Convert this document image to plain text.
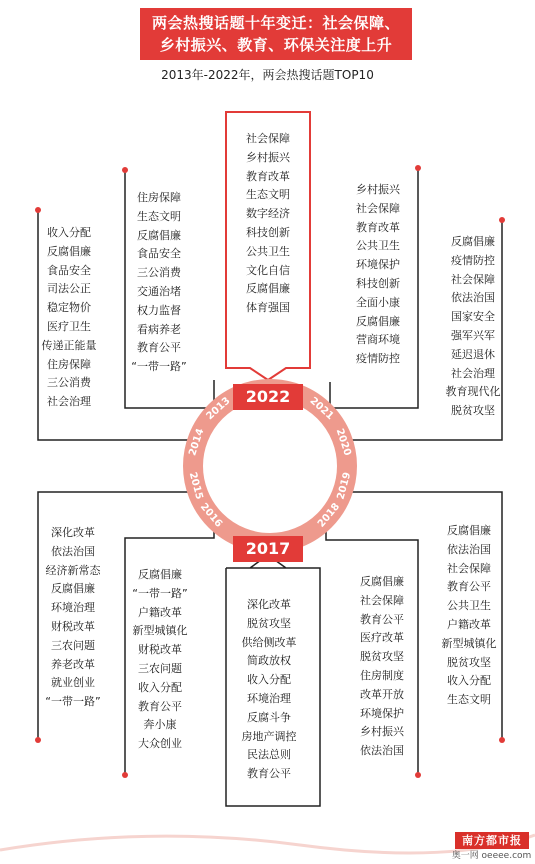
2013
2014
2015
2016	2018
2019
2020
2021
两会热搜话题十年变迁：社会保障、
乡村振兴、教育、环保关注度上升
2013年-2022年，两会热搜话题TOP10
2022
2017
社会保障
乡村振兴
教育改革
生态文明
数字经济
科技创新
公共卫生
文化自信
反腐倡廉
体育强国
乡村振兴
社会保障
教育改革
公共卫生
环境保护
科技创新
全面小康
反腐倡廉
营商环境
疫情防控
反腐倡廉
疫情防控
社会保障
依法治国
国家安全
强军兴军
延迟退休
社会治理
教育现代化
脱贫攻坚
住房保障
生态文明
反腐倡廉
食品安全
三公消费
交通治堵
权力监督
看病养老
教育公平
“一带一路”
收入分配
反腐倡廉
食品安全
司法公正
稳定物价
医疗卫生
传递正能量
住房保障
三公消费
社会治理
深化改革
依法治国
经济新常态
反腐倡廉
环境治理
财税改革
三农问题
养老改革
就业创业
“一带一路”
反腐倡廉
“一带一路”
户籍改革
新型城镇化
财税改革
三农问题
收入分配
教育公平
奔小康
大众创业
深化改革
脱贫攻坚
供给侧改革
简政放权
收入分配
环境治理
反腐斗争
房地产调控
民法总则
教育公平
反腐倡廉
社会保障
教育公平
医疗改革
脱贫攻坚
住房制度
改革开放
环境保护
乡村振兴
依法治国
反腐倡廉
依法治国
社会保障
教育公平
公共卫生
户籍改革
新型城镇化
脱贫攻坚
收入分配
生态文明
南方都市报
奥一网 oeeee.com
